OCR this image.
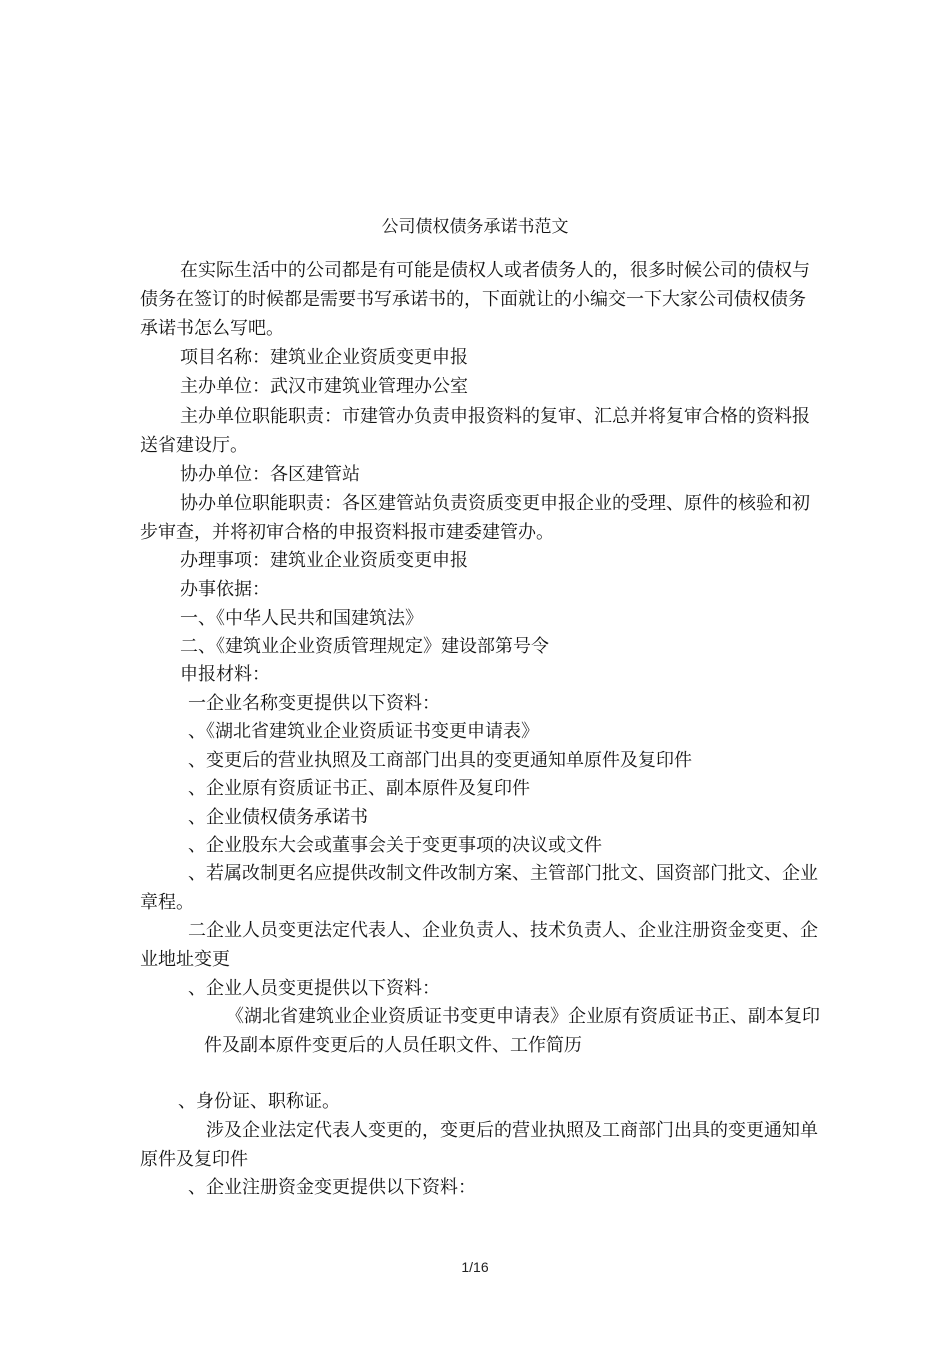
公司债权债务承诺书范文
在实际生活中的公司都是有可能是债权人或者债务人的，很多时候公司的债权与债务在签订的时候都是需要书写承诺书的，下面就让的小编交一下大家公司债权债务承诺书怎么写吧。
项目名称：建筑业企业资质变更申报
主办单位：武汉市建筑业管理办公室
主办单位职能职责：市建管办负责申报资料的复审、汇总并将复审合格的资料报送省建设厅。
协办单位：各区建管站
协办单位职能职责：各区建管站负责资质变更申报企业的受理、原件的核验和初步审查，并将初审合格的申报资料报市建委建管办。
办理事项：建筑业企业资质变更申报
办事依据：
一、《中华人民共和国建筑法》
二、《建筑业企业资质管理规定》建设部第号令
申报材料：
一企业名称变更提供以下资料：
、《湖北省建筑业企业资质证书变更申请表》
、变更后的营业执照及工商部门出具的变更通知单原件及复印件
、企业原有资质证书正、副本原件及复印件
、企业债权债务承诺书
、企业股东大会或董事会关于变更事项的决议或文件
、若属改制更名应提供改制文件改制方案、主管部门批文、国资部门批文、企业章程。
二企业人员变更法定代表人、企业负责人、技术负责人、企业注册资金变更、企业地址变更
、企业人员变更提供以下资料：
《湖北省建筑业企业资质证书变更申请表》企业原有资质证书正、副本复印件及副本原件变更后的人员任职文件、工作简历
、身份证、职称证。
涉及企业法定代表人变更的，变更后的营业执照及工商部门出具的变更通知单原件及复印件
、企业注册资金变更提供以下资料：
1/16
